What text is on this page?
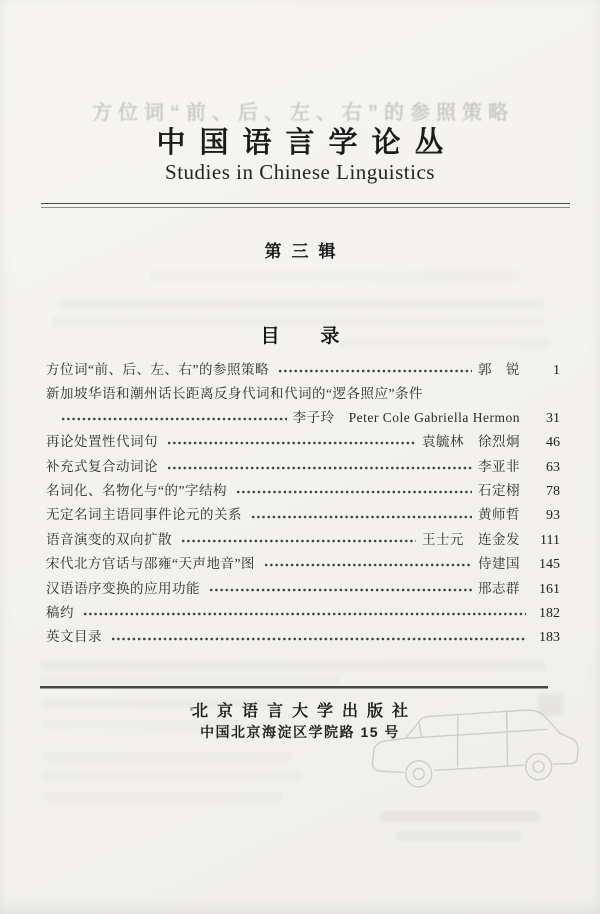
方位词“前、后、左、右”的参照策略
中国语言学论丛
Studies in Chinese Linguistics
第三辑
目 录
方位词“前、后、左、右”的参照策略	郭　锐	1
新加坡华语和潮州话长距离反身代词和代词的“逻各照应”条件
李子玲　Peter Cole Gabriella Hermon	31
再论处置性代词句	袁毓林　徐烈炯	46
补充式复合动词论	李亚非	63
名词化、名物化与“的”字结构	石定栩	78
无定名词主语同事件论元的关系	黄师哲	93
语音演变的双向扩散	王士元　连金发	111
宋代北方官话与邵雍“天声地音”图	侍建国	145
汉语语序变换的应用功能	邢志群	161
稿约	182
英文目录	183
北京语言大学出版社
中国北京海淀区学院路 15 号
